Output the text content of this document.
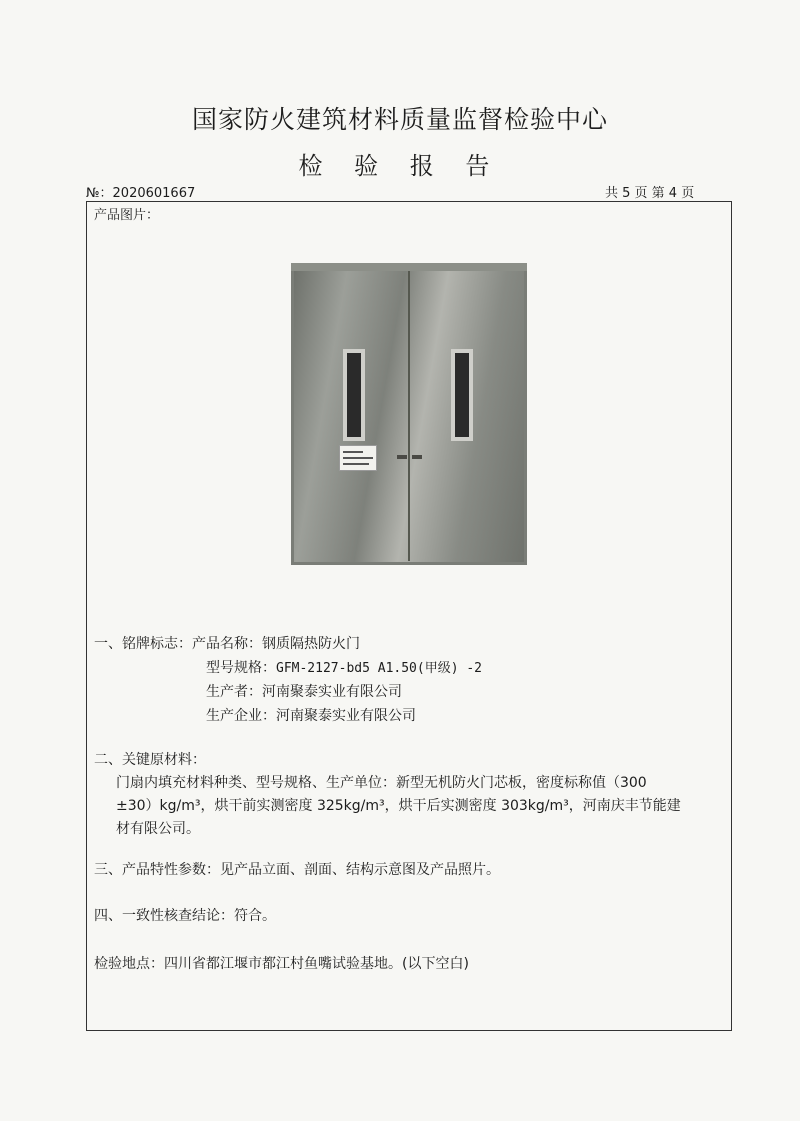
国家防火建筑材料质量监督检验中心
检 验 报 告
№：2020601667	共 5 页 第 4 页
产品图片：
一、铭牌标志：产品名称：钢质隔热防火门
型号规格：GFM-2127-bd5 A1.50(甲级) -2
生产者：河南聚泰实业有限公司
生产企业：河南聚泰实业有限公司
二、关键原材料：
门扇内填充材料种类、型号规格、生产单位：新型无机防火门芯板，密度标称值（300
±30）kg/m³，烘干前实测密度 325kg/m³，烘干后实测密度 303kg/m³，河南庆丰节能建
材有限公司。
三、产品特性参数：见产品立面、剖面、结构示意图及产品照片。
四、一致性核查结论：符合。
检验地点：四川省都江堰市都江村鱼嘴试验基地。(以下空白)
